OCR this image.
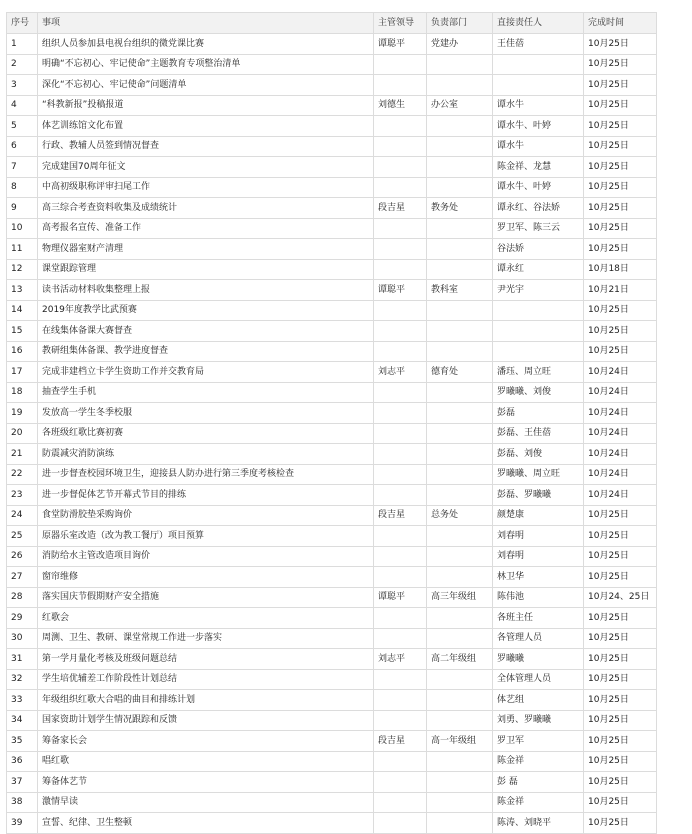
序号	事项	主管领导	负责部门	直接责任人	完成时间
1	组织人员参加县电视台组织的微党课比赛	谭聪平	党建办	王佳蓓	10月25日
2	明确“不忘初心、牢记使命”主题教育专项整治清单				10月25日
3	深化“不忘初心、牢记使命”问题清单				10月25日
4	“科教新报”投稿报道	刘德生	办公室	谭水牛	10月25日
5	体艺训练馆文化布置			谭水牛、叶婷	10月25日
6	行政、教辅人员签到情况督查			谭水牛	10月25日
7	完成建国70周年征文			陈金祥、龙慧	10月25日
8	中高初级职称评审扫尾工作			谭水牛、叶婷	10月25日
9	高三综合考查资料收集及成绩统计	段吉星	教务处	谭永红、谷法娇	10月25日
10	高考报名宣传、准备工作			罗卫军、陈三云	10月25日
11	物理仪器室财产清理			谷法娇	10月25日
12	课堂跟踪管理			谭永红	10月18日
13	读书活动材料收集整理上报	谭聪平	教科室	尹光宇	10月21日
14	2019年度教学比武预赛				10月25日
15	在线集体备课大赛督查				10月25日
16	教研组集体备课、教学进度督查				10月25日
17	完成非建档立卡学生资助工作并交教育局	刘志平	德育处	潘珏、周立旺	10月24日
18	抽查学生手机			罗曦曦、刘俊	10月24日
19	发放高一学生冬季校服			彭磊	10月24日
20	各班级红歌比赛初赛			彭磊、王佳蓓	10月24日
21	防震减灾消防演练			彭磊、刘俊	10月24日
22	进一步督查校园环境卫生，迎接县人防办进行第三季度考核检查			罗曦曦、周立旺	10月24日
23	进一步督促体艺节开幕式节目的排练			彭磊、罗曦曦	10月24日
24	食堂防滑胶垫采购询价	段吉星	总务处	颜楚康	10月25日
25	原器乐室改造（改为教工餐厅）项目预算			刘春明	10月25日
26	消防给水主管改造项目询价			刘春明	10月25日
27	窗帘维修			林卫华	10月25日
28	落实国庆节假期财产安全措施	谭聪平	高三年级组	陈伟池	10月24、25日
29	红歌会			各班主任	10月25日
30	周测、卫生、教研、课堂常规工作进一步落实			各管理人员	10月25日
31	第一学月量化考核及班级问题总结	刘志平	高二年级组	罗曦曦	10月25日
32	学生培优辅差工作阶段性计划总结			全体管理人员	10月25日
33	年级组织红歌大合唱的曲目和排练计划			体艺组	10月25日
34	国家资助计划学生情况跟踪和反馈			刘勇、罗曦曦	10月25日
35	筹备家长会	段吉星	高一年级组	罗卫军	10月25日
36	唱红歌			陈金祥	10月25日
37	筹备体艺节			彭 磊	10月25日
38	激情早读			陈金祥	10月25日
39	宣誓、纪律、卫生整顿			陈涛、刘晓平	10月25日
